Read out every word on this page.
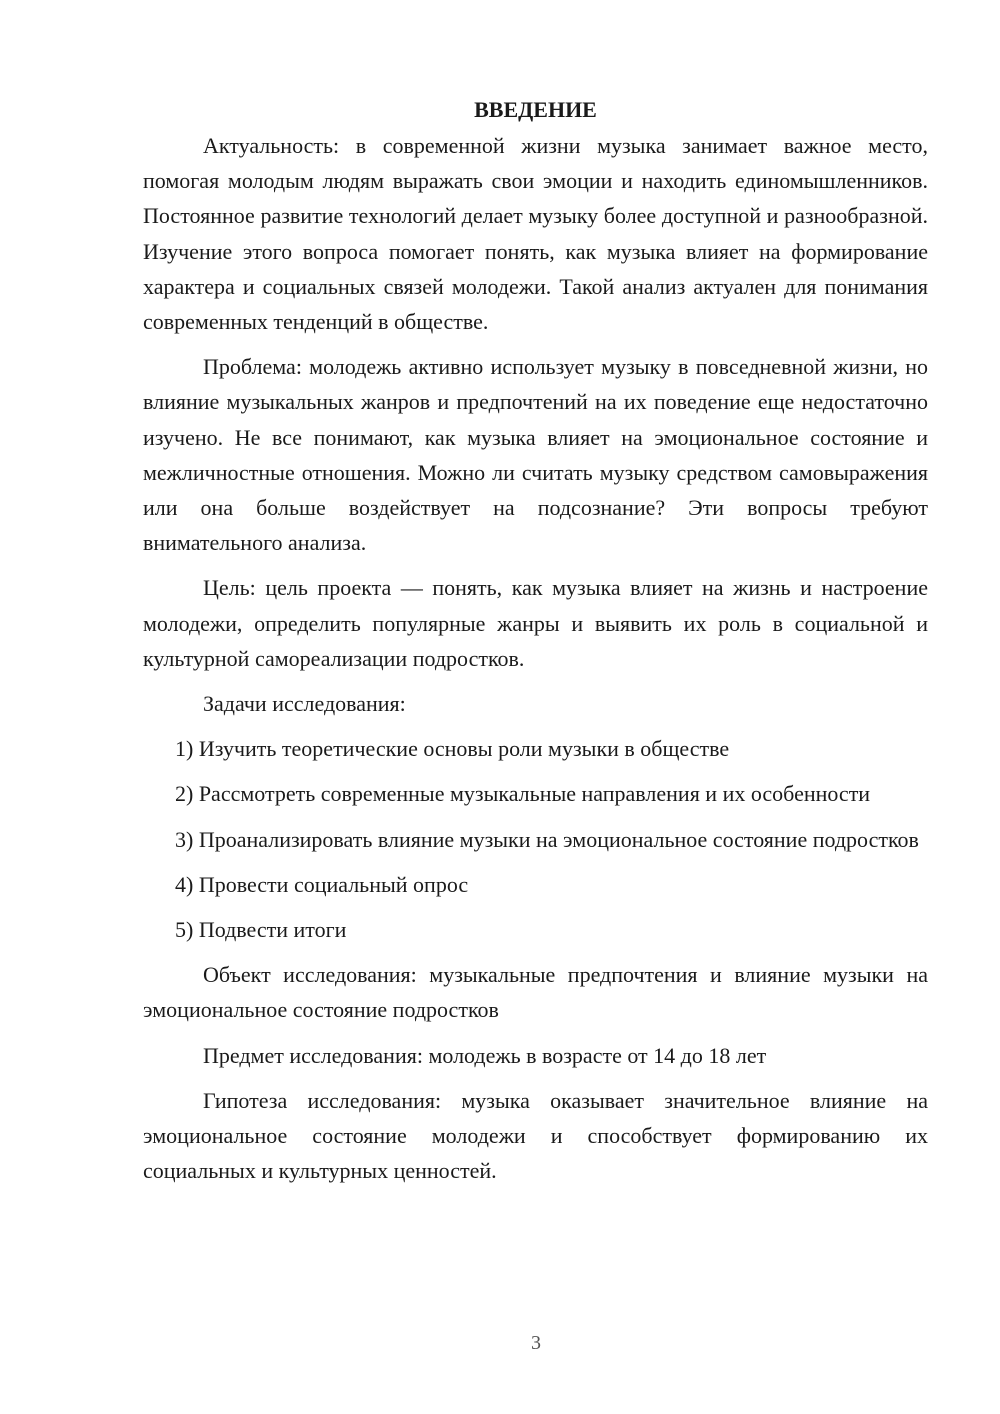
ВВЕДЕНИЕ

Актуальность: в современной жизни музыка занимает важное место, помогая молодым людям выражать свои эмоции и находить единомышленников. Постоянное развитие технологий делает музыку более доступной и разнообразной. Изучение этого вопроса помогает понять, как музыка влияет на формирование характера и социальных связей молодежи. Такой анализ актуален для понимания современных тенденций в обществе.

Проблема: молодежь активно использует музыку в повседневной жизни, но влияние музыкальных жанров и предпочтений на их поведение еще недостаточно изучено. Не все понимают, как музыка влияет на эмоциональное состояние и межличностные отношения. Можно ли считать музыку средством самовыражения или она больше воздействует на подсознание? Эти вопросы требуют внимательного анализа.

Цель: цель проекта — понять, как музыка влияет на жизнь и настроение молодежи, определить популярные жанры и выявить их роль в социальной и культурной самореализации подростков.

Задачи исследования:

1) Изучить теоретические основы роли музыки в обществе

2) Рассмотреть современные музыкальные направления и их особенности

3) Проанализировать влияние музыки на эмоциональное состояние подростков

4) Провести социальный опрос

5) Подвести итоги

Объект исследования: музыкальные предпочтения и влияние музыки на эмоциональное состояние подростков

Предмет исследования: молодежь в возрасте от 14 до 18 лет

Гипотеза исследования: музыка оказывает значительное влияние на эмоциональное состояние молодежи и способствует формированию их социальных и культурных ценностей.

3
